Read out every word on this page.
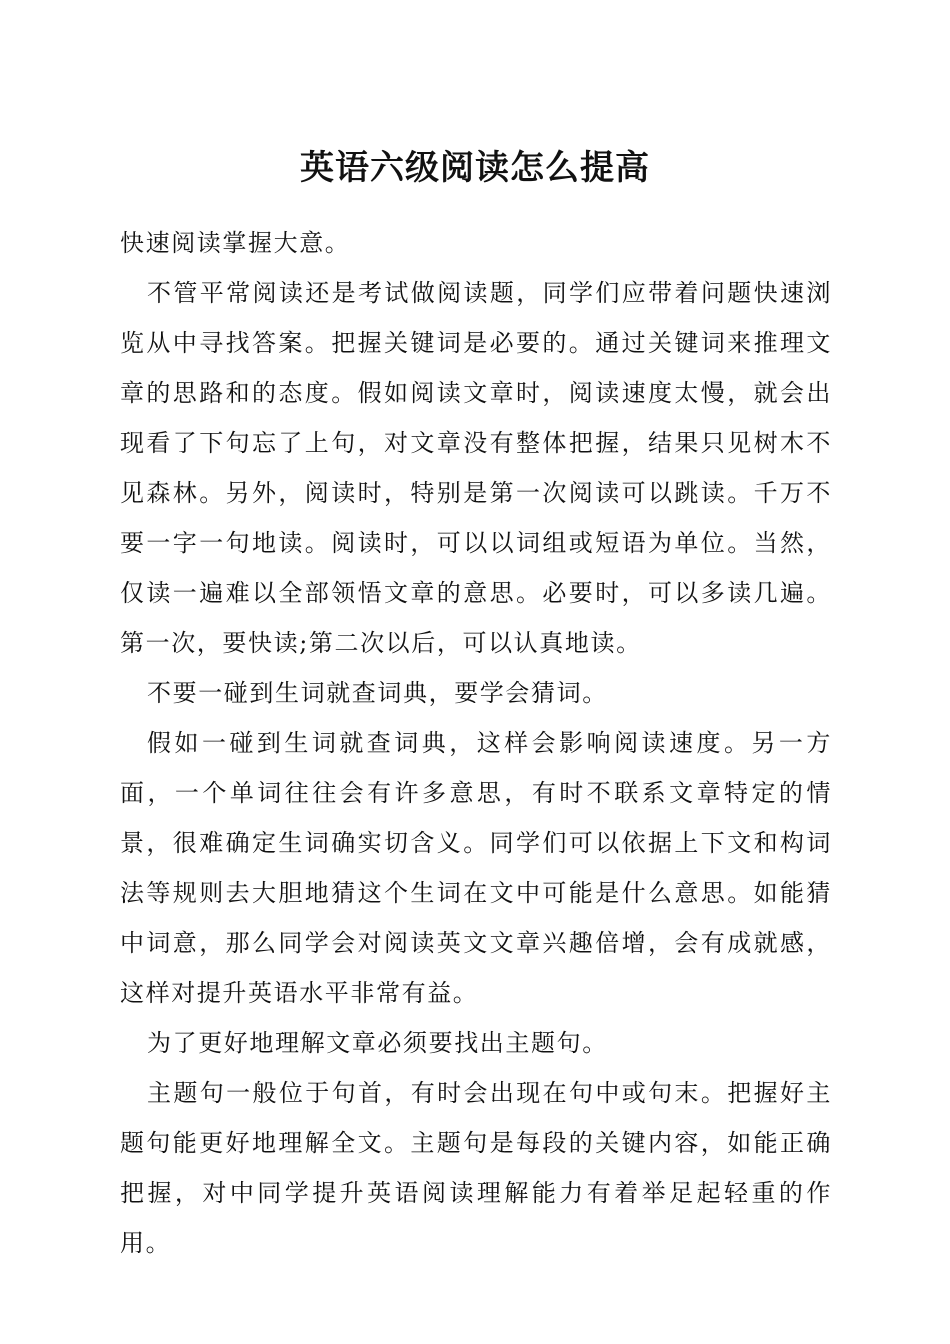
英语六级阅读怎么提高

快速阅读掌握大意。

不管平常阅读还是考试做阅读题，同学们应带着问题快速浏览从中寻找答案。把握关键词是必要的。通过关键词来推理文章的思路和的态度。假如阅读文章时，阅读速度太慢，就会出现看了下句忘了上句，对文章没有整体把握，结果只见树木不见森林。另外，阅读时，特别是第一次阅读可以跳读。千万不要一字一句地读。阅读时，可以以词组或短语为单位。当然，仅读一遍难以全部领悟文章的意思。必要时，可以多读几遍。第一次，要快读;第二次以后，可以认真地读。

不要一碰到生词就查词典，要学会猜词。

假如一碰到生词就查词典，这样会影响阅读速度。另一方面，一个单词往往会有许多意思，有时不联系文章特定的情景，很难确定生词确实切含义。同学们可以依据上下文和构词法等规则去大胆地猜这个生词在文中可能是什么意思。如能猜中词意，那么同学会对阅读英文文章兴趣倍增，会有成就感，这样对提升英语水平非常有益。

为了更好地理解文章必须要找出主题句。

主题句一般位于句首，有时会出现在句中或句末。把握好主题句能更好地理解全文。主题句是每段的关键内容，如能正确把握，对中同学提升英语阅读理解能力有着举足起轻重的作用。
